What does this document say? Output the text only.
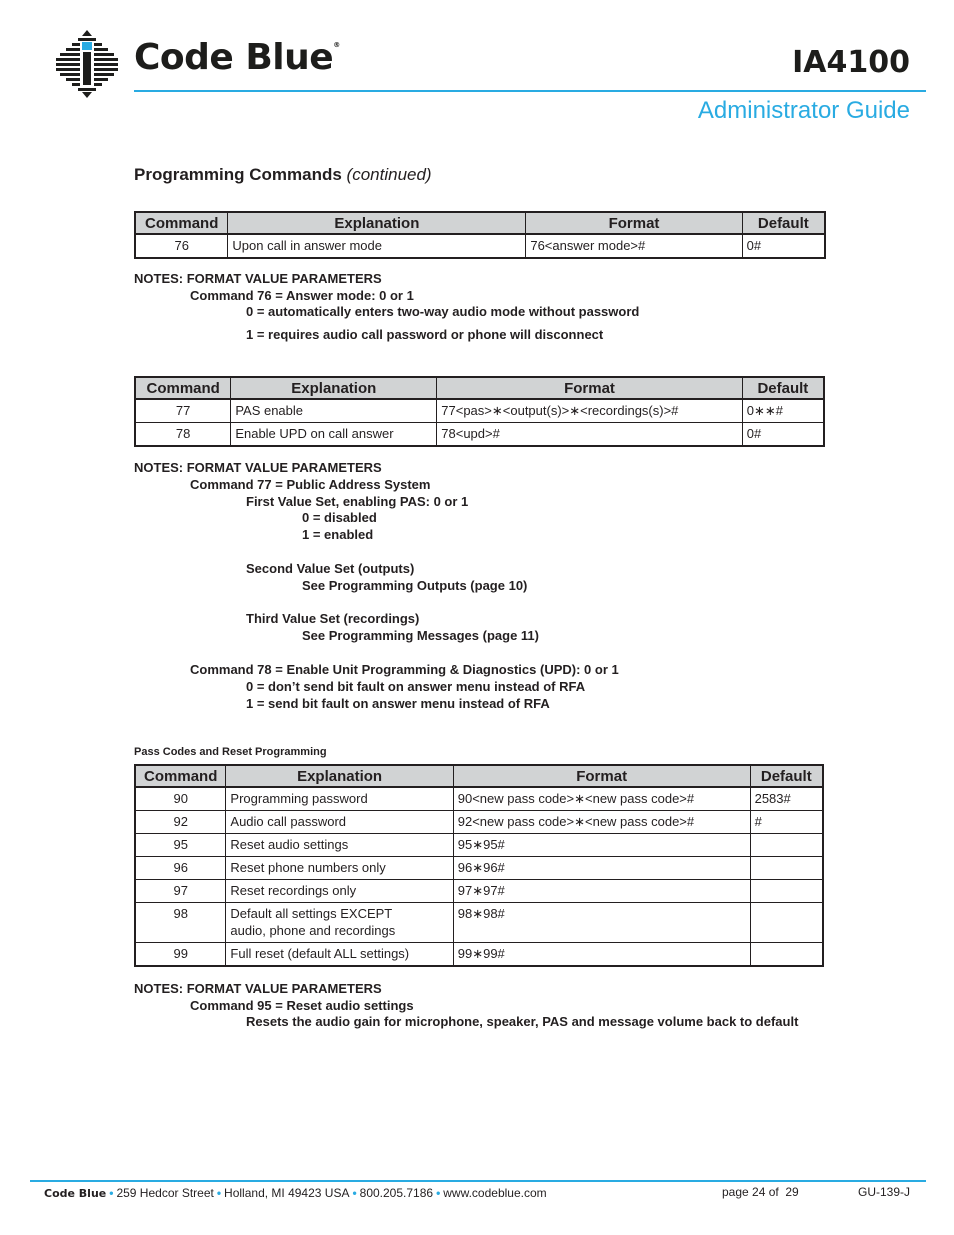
Code Blue®	IA4100
Administrator Guide
Programming Commands (continued)
Command	Explanation	Format	Default
76	Upon call in answer mode	76<answer mode>#	0#
NOTES: FORMAT VALUE PARAMETERS
Command 76 = Answer mode: 0 or 1
0 = automatically enters two-way audio mode without password
1 = requires audio call password or phone will disconnect
Command	Explanation	Format	Default
77	PAS enable	77<pas>∗<output(s)>∗<recordings(s)>#	0∗∗#
78	Enable UPD on call answer	78<upd>#	0#
NOTES: FORMAT VALUE PARAMETERS
Command 77 = Public Address System
First Value Set, enabling PAS: 0 or 1
0 = disabled
1 = enabled
Second Value Set (outputs)
See Programming Outputs (page 10)
Third Value Set (recordings)
See Programming Messages (page 11)
Command 78 = Enable Unit Programming & Diagnostics (UPD): 0 or 1
0 = don’t send bit fault on answer menu instead of RFA
1 = send bit fault on answer menu instead of RFA
Pass Codes and Reset Programming
Command	Explanation	Format	Default
90	Programming password	90<new pass code>∗<new pass code>#	2583#
92	Audio call password	92<new pass code>∗<new pass code>#	#
95	Reset audio settings	95∗95#	
96	Reset phone numbers only	96∗96#	
97	Reset recordings only	97∗97#	
98	Default all settings EXCEPT audio, phone and recordings	98∗98#	
99	Full reset (default ALL settings)	99∗99#	
NOTES: FORMAT VALUE PARAMETERS
Command 95 = Reset audio settings
Resets the audio gain for microphone, speaker, PAS and message volume back to default
Code Blue • 259 Hedcor Street • Holland, MI 49423 USA • 800.205.7186 • www.codeblue.com	page 24 of  29	GU-139-J
